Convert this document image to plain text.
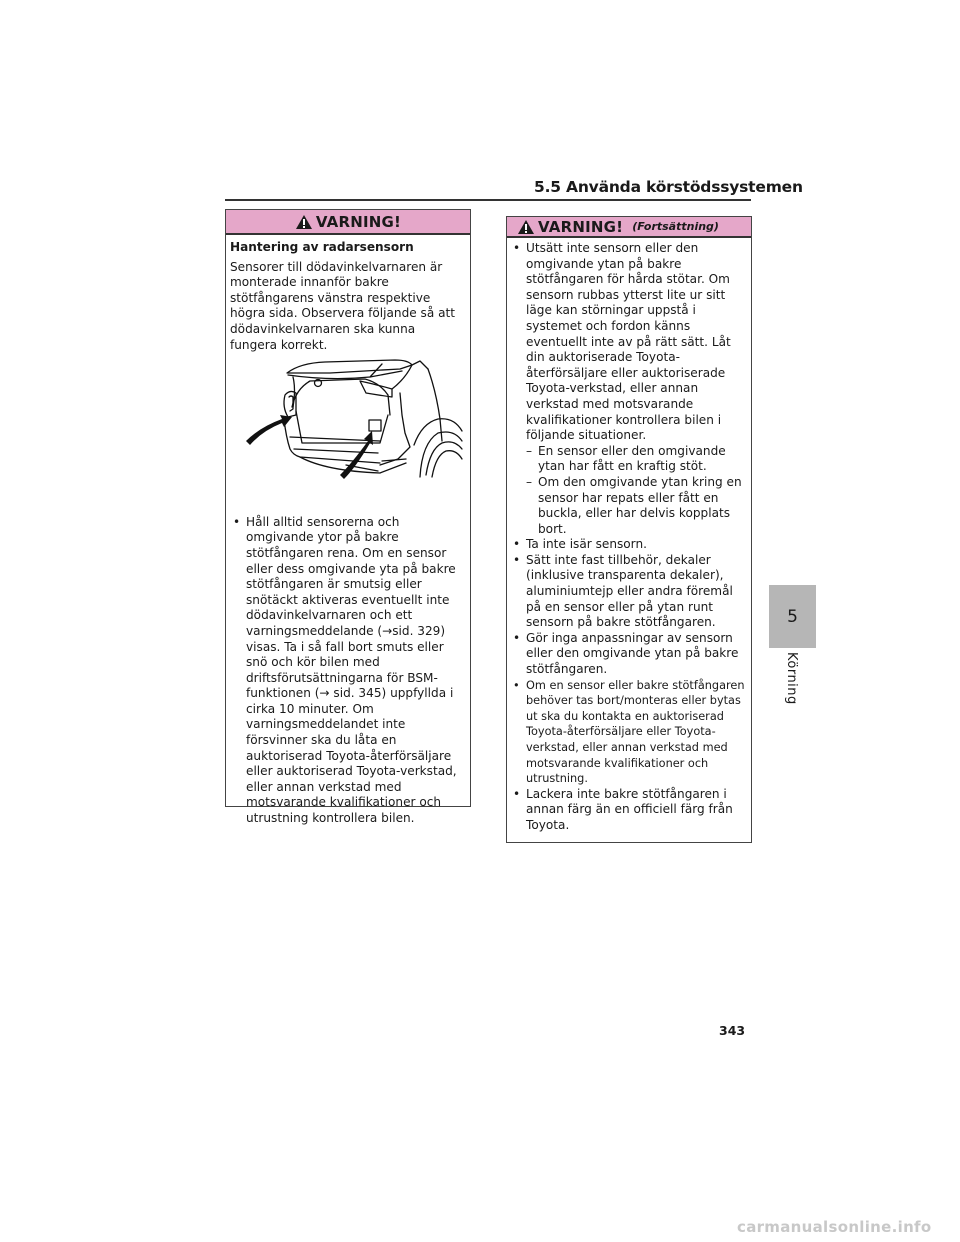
5.5 Använda körstödssystemen
VARNING!
Hantering av radarsensorn
Sensorer till dödavinkelvarnaren är monterade innanför bakre stötfångarens vänstra respektive högra sida. Observera följande så att dödavinkelvarnaren ska kunna fungera korrekt.
• Håll alltid sensorerna och omgivande ytor på bakre stötfångaren rena. Om en sensor eller dess omgivande yta på bakre stötfångaren är smutsig eller snötäckt aktiveras eventuellt inte dödavinkelvarnaren och ett varningsmeddelande (→sid. 329) visas. Ta i så fall bort smuts eller snö och kör bilen med driftsförutsättningarna för BSM-funktionen (→ sid. 345) uppfyllda i cirka 10 minuter. Om varningsmeddelandet inte försvinner ska du låta en auktoriserad Toyota-återförsäljare eller auktoriserad Toyota-verkstad, eller annan verkstad med motsvarande kvalifikationer och utrustning kontrollera bilen.
VARNING! (Fortsättning)
• Utsätt inte sensorn eller den omgivande ytan på bakre stötfångaren för hårda stötar. Om sensorn rubbas ytterst lite ur sitt läge kan störningar uppstå i systemet och fordon känns eventuellt inte av på rätt sätt. Låt din auktoriserade Toyota-återförsäljare eller auktoriserade Toyota-verkstad, eller annan verkstad med motsvarande kvalifikationer kontrollera bilen i följande situationer.
– En sensor eller den omgivande ytan har fått en kraftig stöt.
– Om den omgivande ytan kring en sensor har repats eller fått en buckla, eller har delvis kopplats bort.
• Ta inte isär sensorn.
• Sätt inte fast tillbehör, dekaler (inklusive transparenta dekaler), aluminiumtejp eller andra föremål på en sensor eller på ytan runt sensorn på bakre stötfångaren.
• Gör inga anpassningar av sensorn eller den omgivande ytan på bakre stötfångaren.
• Om en sensor eller bakre stötfångaren behöver tas bort/monteras eller bytas ut ska du kontakta en auktoriserad Toyota-återförsäljare eller Toyota-verkstad, eller annan verkstad med motsvarande kvalifikationer och utrustning.
• Lackera inte bakre stötfångaren i annan färg än en officiell färg från Toyota.
5
Körning
343
carmanualsonline.info
